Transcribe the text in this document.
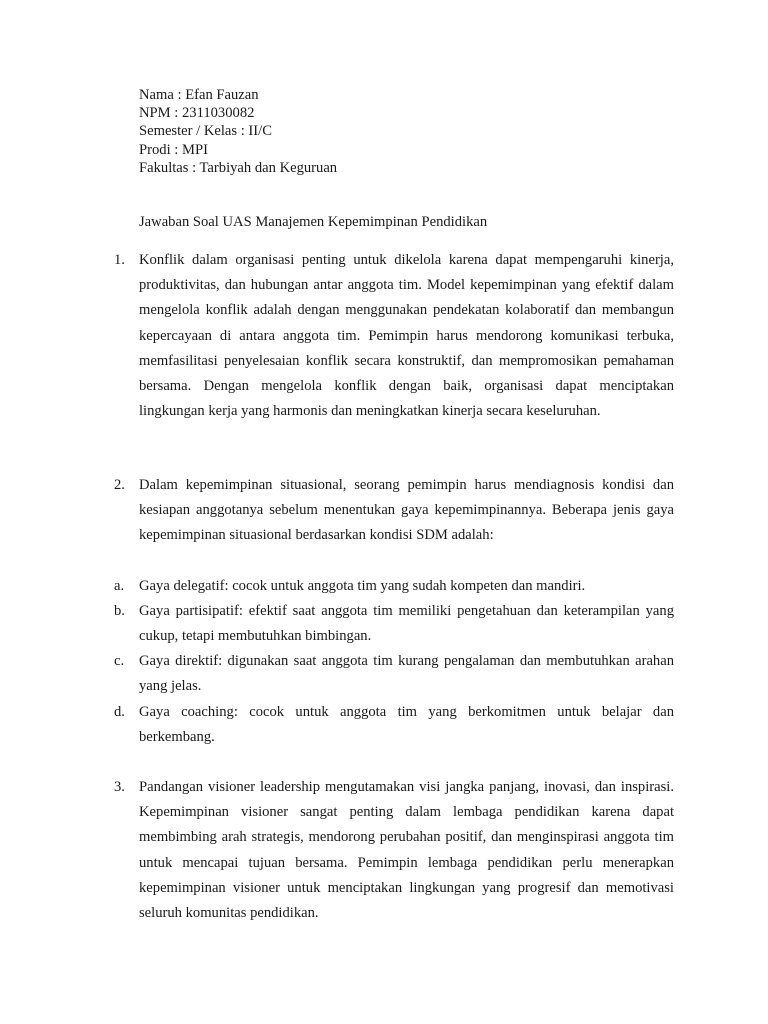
Nama : Efan Fauzan
NPM : 2311030082
Semester / Kelas : II/C
Prodi : MPI
Fakultas : Tarbiyah dan Keguruan
Jawaban Soal UAS Manajemen Kepemimpinan Pendidikan
1. Konflik dalam organisasi penting untuk dikelola karena dapat mempengaruhi kinerja, produktivitas, dan hubungan antar anggota tim. Model kepemimpinan yang efektif dalam mengelola konflik adalah dengan menggunakan pendekatan kolaboratif dan membangun kepercayaan di antara anggota tim. Pemimpin harus mendorong komunikasi terbuka, memfasilitasi penyelesaian konflik secara konstruktif, dan mempromosikan pemahaman bersama. Dengan mengelola konflik dengan baik, organisasi dapat menciptakan lingkungan kerja yang harmonis dan meningkatkan kinerja secara keseluruhan.
2. Dalam kepemimpinan situasional, seorang pemimpin harus mendiagnosis kondisi dan kesiapan anggotanya sebelum menentukan gaya kepemimpinannya. Beberapa jenis gaya kepemimpinan situasional berdasarkan kondisi SDM adalah:
a.	Gaya delegatif: cocok untuk anggota tim yang sudah kompeten dan mandiri.
b. Gaya partisipatif: efektif saat anggota tim memiliki pengetahuan dan keterampilan yang cukup, tetapi membutuhkan bimbingan.
c.	Gaya direktif: digunakan saat anggota tim kurang pengalaman dan membutuhkan arahan yang jelas.
d. Gaya coaching: cocok untuk anggota tim yang berkomitmen untuk belajar dan berkembang.
3. Pandangan visioner leadership mengutamakan visi jangka panjang, inovasi, dan inspirasi. Kepemimpinan visioner sangat penting dalam lembaga pendidikan karena dapat membimbing arah strategis, mendorong perubahan positif, dan menginspirasi anggota tim untuk mencapai tujuan bersama. Pemimpin lembaga pendidikan perlu menerapkan kepemimpinan visioner untuk menciptakan lingkungan yang progresif dan memotivasi seluruh komunitas pendidikan.
